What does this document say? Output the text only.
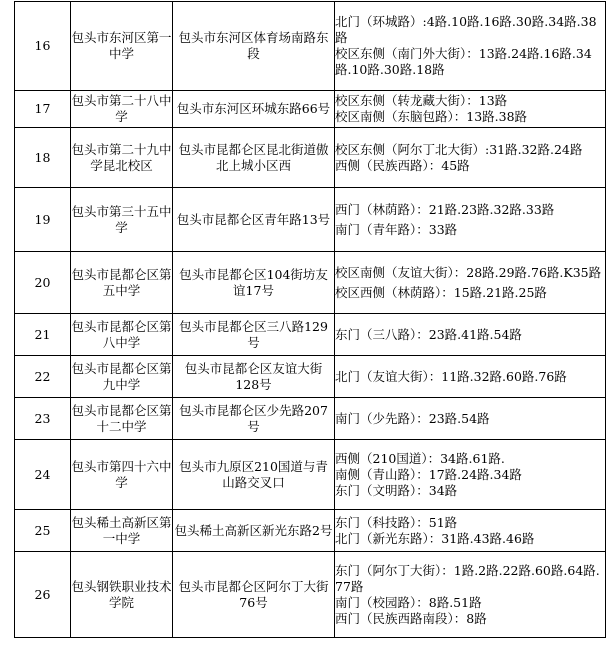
16	包头市东河区第一中学	包头市东河区体育场南路东段	北门（环城路）:4路.10路.16路.30路.34路.38路
校区东侧（南门外大街）：13路.24路.16路.34路.10路.30路.18路

17	包头市第二十八中学	包头市东河区环城东路66号	校区东侧（转龙藏大街）：13路
校区南侧（东脑包路）：13路.38路

18	包头市第二十九中学昆北校区	包头市昆都仑区昆北街道傲北上城小区西	校区东侧（阿尔丁北大街）:31路.32路.24路
西侧（民族西路）：45路

19	包头市第三十五中学	包头市昆都仑区青年路13号	西门（林荫路）：21路.23路.32路.33路
南门（青年路）：33路

20	包头市昆都仑区第五中学	包头市昆都仑区104街坊友谊17号	校区南侧（友谊大街）：28路.29路.76路.K35路
校区西侧（林荫路）：15路.21路.25路

21	包头市昆都仑区第八中学	包头市昆都仑区三八路129号	东门（三八路）：23路.41路.54路

22	包头市昆都仑区第九中学	包头市昆都仑区友谊大街128号	北门（友谊大街）：11路.32路.60路.76路

23	包头市昆都仑区第十二中学	包头市昆都仑区少先路207号	南门（少先路）：23路.54路

24	包头市第四十六中学	包头市九原区210国道与青山路交叉口	西侧（210国道）：34路.61路.
南侧（青山路）：17路.24路.34路
东门（文明路）：34路

25	包头稀土高新区第一中学	包头稀土高新区新光东路2号	东门（科技路）：51路
北门（新光东路）：31路.43路.46路

26	包头钢铁职业技术学院	包头市昆都仑区阿尔丁大街76号	东门（阿尔丁大街）：1路.2路.22路.60路.64路.77路
南门（校园路）：8路.51路
西门（民族西路南段）：8路
